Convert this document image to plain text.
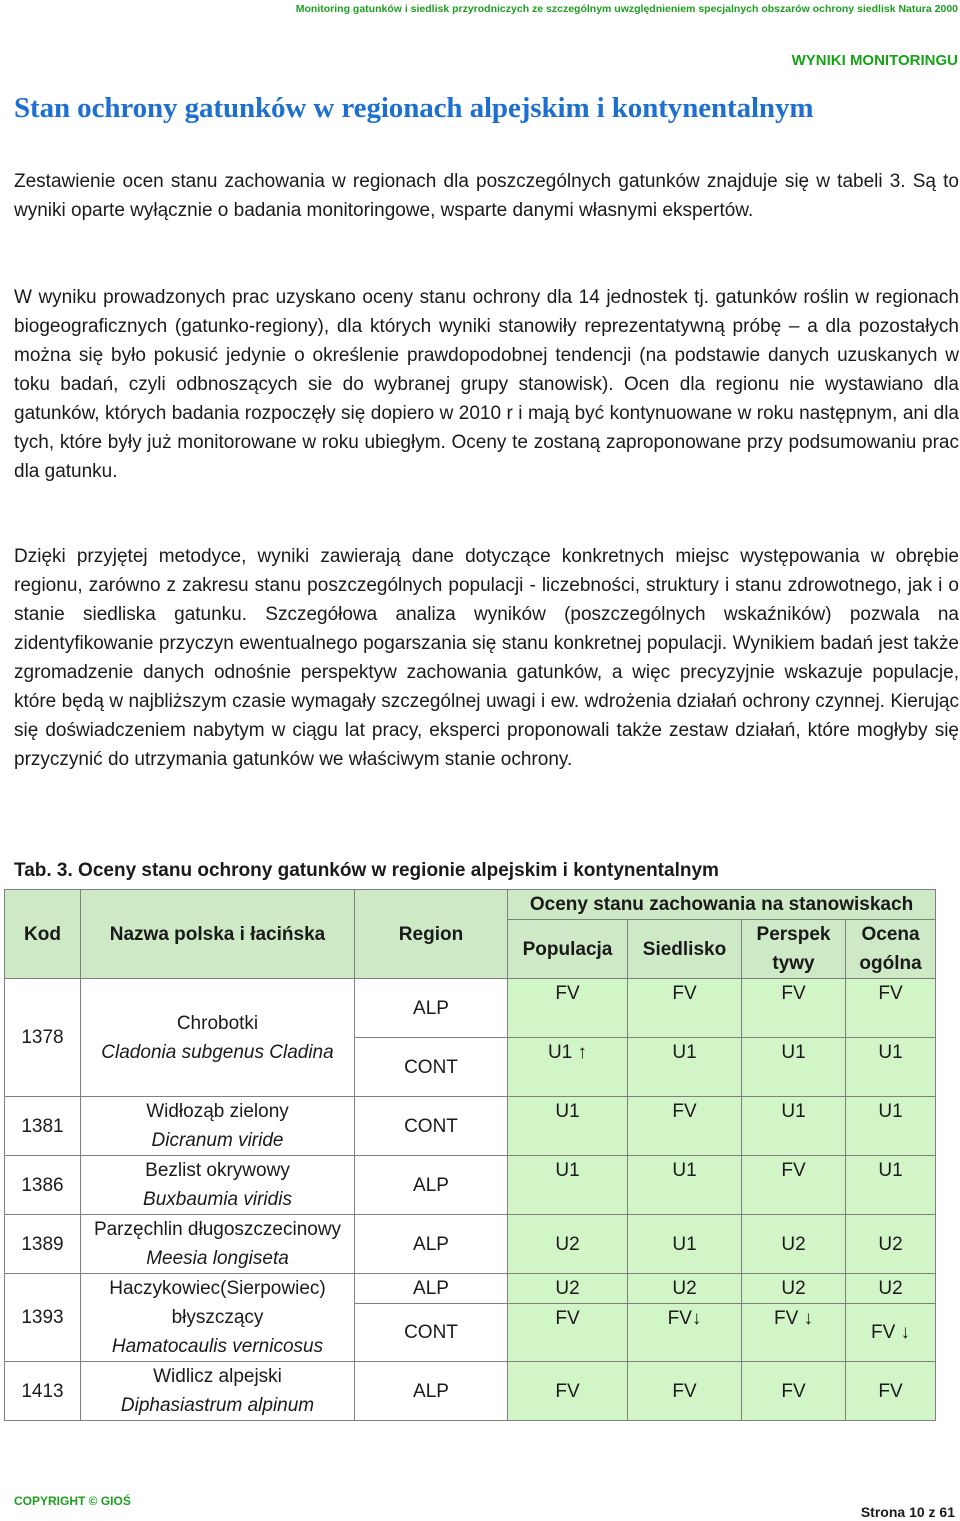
Monitoring gatunków i siedlisk przyrodniczych ze szczególnym uwzględnieniem specjalnych obszarów ochrony siedlisk Natura 2000
WYNIKI MONITORINGU
Stan ochrony gatunków w regionach alpejskim i kontynentalnym

Zestawienie ocen stanu zachowania w regionach dla poszczególnych gatunków znajduje się w tabeli 3. Są to wyniki oparte wyłącznie o badania monitoringowe, wsparte danymi własnymi ekspertów.

W wyniku prowadzonych prac uzyskano oceny stanu ochrony dla 14 jednostek tj. gatunków roślin w regionach biogeograficznych (gatunko-regiony), dla których wyniki stanowiły reprezentatywną próbę – a dla pozostałych można się było pokusić jedynie o określenie prawdopodobnej tendencji (na podstawie danych uzuskanych w toku badań, czyli odbnoszących sie do wybranej grupy stanowisk). Ocen dla regionu nie wystawiano dla gatunków, których badania rozpoczęły się dopiero w 2010 r i mają być kontynuowane w roku następnym, ani dla tych, które były już monitorowane w roku ubiegłym. Oceny te zostaną zaproponowane przy podsumowaniu prac dla gatunku.

Dzięki przyjętej metodyce, wyniki zawierają dane dotyczące konkretnych miejsc występowania w obrębie regionu, zarówno z zakresu stanu poszczególnych populacji - liczebności, struktury i stanu zdrowotnego, jak i o stanie siedliska gatunku. Szczegółowa analiza wyników (poszczególnych wskaźników) pozwala na zidentyfikowanie przyczyn ewentualnego pogarszania się stanu konkretnej populacji. Wynikiem badań jest także zgromadzenie danych odnośnie perspektyw zachowania gatunków, a więc precyzyjnie wskazuje populacje, które będą w najbliższym czasie wymagały szczególnej uwagi i ew. wdrożenia działań ochrony czynnej. Kierując się doświadczeniem nabytym w ciągu lat pracy, eksperci proponowali także zestaw działań, które mogłyby się przyczynić do utrzymania gatunków we właściwym stanie ochrony.

Tab. 3. Oceny stanu ochrony gatunków w regionie alpejskim i kontynentalnym

Kod	Nazwa polska i łacińska	Region	Oceny stanu zachowania na stanowiskach			
			Populacja	Siedlisko	Perspek tywy	Ocena ogólna
1378	Chrobotki
Cladonia subgenus Cladina	ALP	FV	FV	FV	FV
		CONT	U1 ↑	U1	U1	U1
1381	Widłoząb zielony
Dicranum viride	CONT	U1	FV	U1	U1
1386	Bezlist okrywowy
Buxbaumia viridis	ALP	U1	U1	FV	U1
1389	Parzęchlin długoszczecinowy Meesia longiseta	ALP	U2	U1	U2	U2
1393	Haczykowiec(Sierpowiec) błyszczący
Hamatocaulis vernicosus	ALP	U2	U2	U2	U2
		CONT	FV	FV↓	FV ↓	FV ↓
1413	Widlicz alpejski
Diphasiastrum alpinum	ALP	FV	FV	FV	FV
COPYRIGHT © GIOŚ
Strona 10 z 61
